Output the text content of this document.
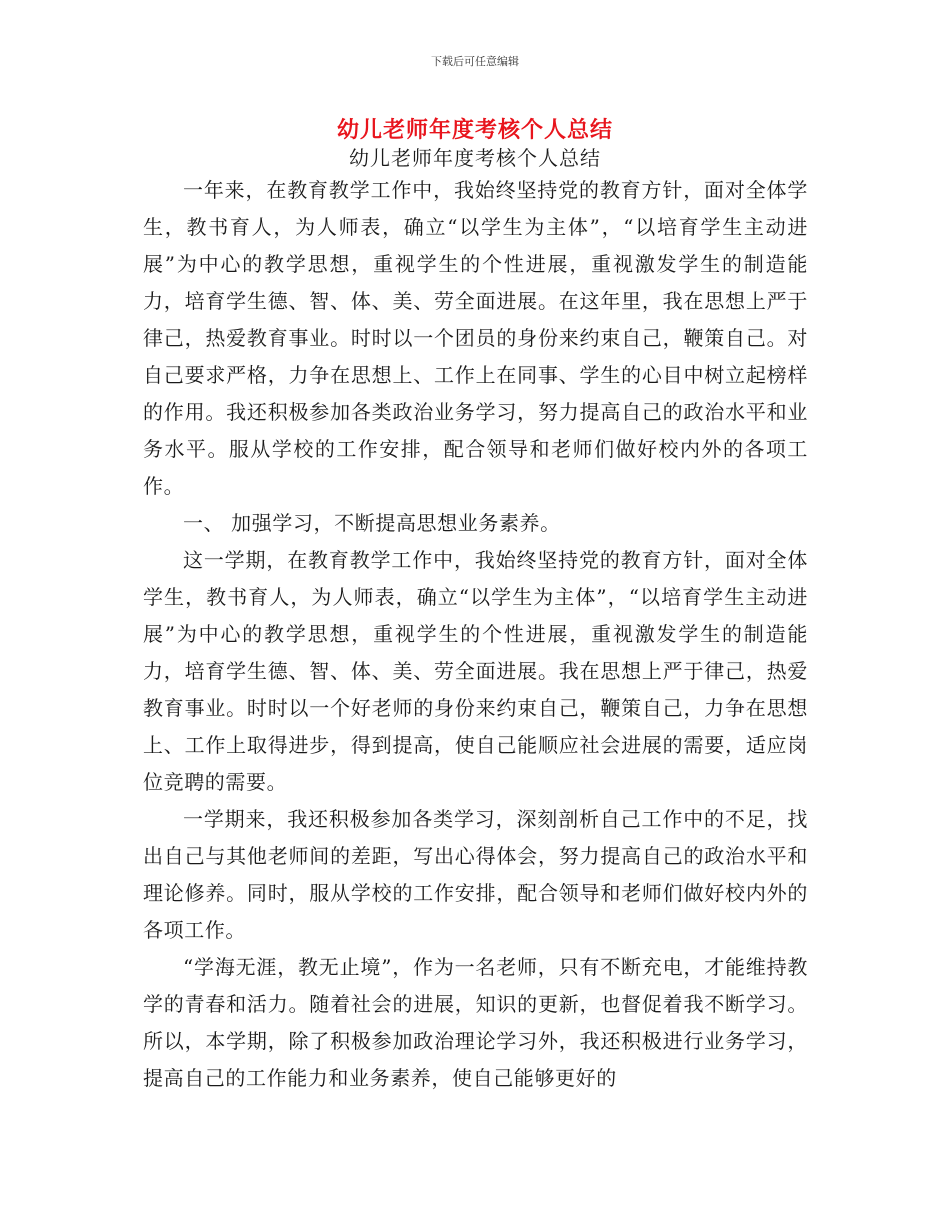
下载后可任意编辑
幼儿老师年度考核个人总结
幼儿老师年度考核个人总结

一年来，在教育教学工作中，我始终坚持党的教育方针，面对全体学生，教书育人，为人师表，确立“以学生为主体”，“以培育学生主动进展”为中心的教学思想，重视学生的个性进展，重视激发学生的制造能力，培育学生德、智、体、美、劳全面进展。在这年里，我在思想上严于律己，热爱教育事业。时时以一个团员的身份来约束自己，鞭策自己。对自己要求严格，力争在思想上、工作上在同事、学生的心目中树立起榜样的作用。我还积极参加各类政治业务学习，努力提高自己的政治水平和业务水平。服从学校的工作安排，配合领导和老师们做好校内外的各项工作。

一、 加强学习，不断提高思想业务素养。

这一学期，在教育教学工作中，我始终坚持党的教育方针，面对全体学生，教书育人，为人师表，确立“以学生为主体”，“以培育学生主动进展”为中心的教学思想，重视学生的个性进展，重视激发学生的制造能力，培育学生德、智、体、美、劳全面进展。我在思想上严于律己，热爱教育事业。时时以一个好老师的身份来约束自己，鞭策自己，力争在思想上、工作上取得进步，得到提高，使自己能顺应社会进展的需要，适应岗位竞聘的需要。

一学期来，我还积极参加各类学习，深刻剖析自己工作中的不足，找出自己与其他老师间的差距，写出心得体会，努力提高自己的政治水平和理论修养。同时，服从学校的工作安排，配合领导和老师们做好校内外的各项工作。

“学海无涯，教无止境”，作为一名老师，只有不断充电，才能维持教学的青春和活力。随着社会的进展，知识的更新，也督促着我不断学习。所以，本学期，除了积极参加政治理论学习外，我还积极进行业务学习，提高自己的工作能力和业务素养，使自己能够更好的
